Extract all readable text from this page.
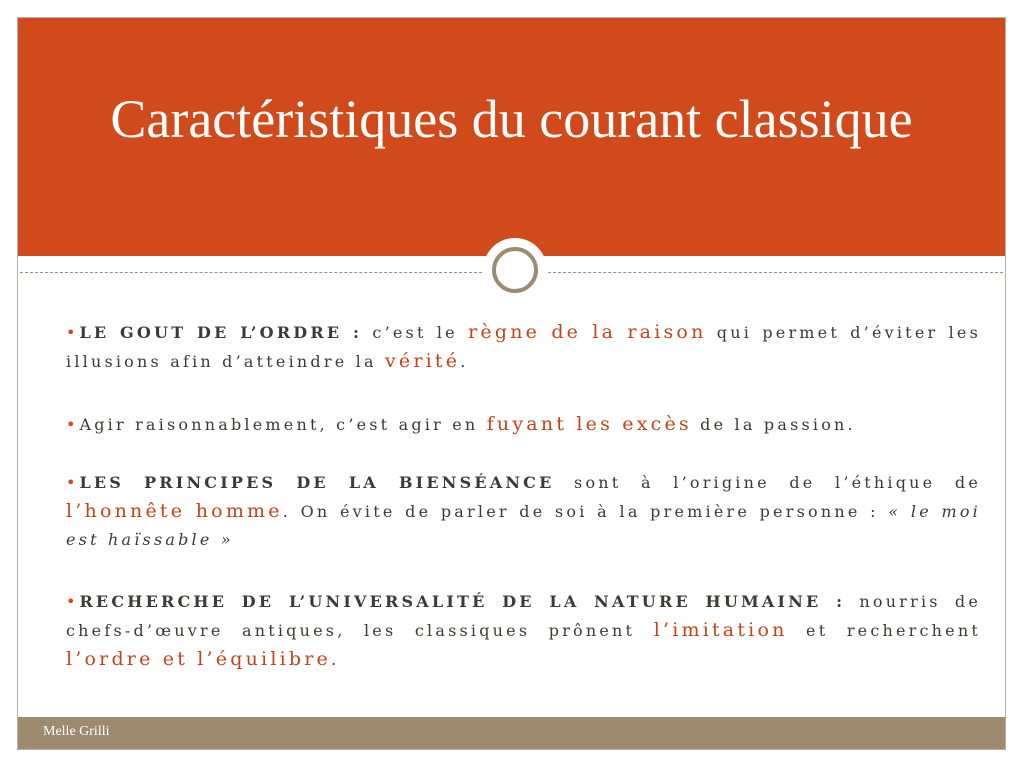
Caractéristiques du courant classique

• LE GOUT DE L’ORDRE : c’est le règne de la raison qui permet d’éviter les illusions afin d’atteindre la vérité.

• Agir raisonnablement, c’est agir en fuyant les excès de la passion.

• LES PRINCIPES DE LA BIENSÉANCE sont à l’origine de l’éthique de l’honnête homme. On évite de parler de soi à la première personne : « le moi est haïssable »

• RECHERCHE DE L’UNIVERSALITÉ DE LA NATURE HUMAINE : nourris de chefs-d’œuvre antiques, les classiques prônent l’imitation et recherchent l’ordre et l’équilibre.

Melle Grilli
